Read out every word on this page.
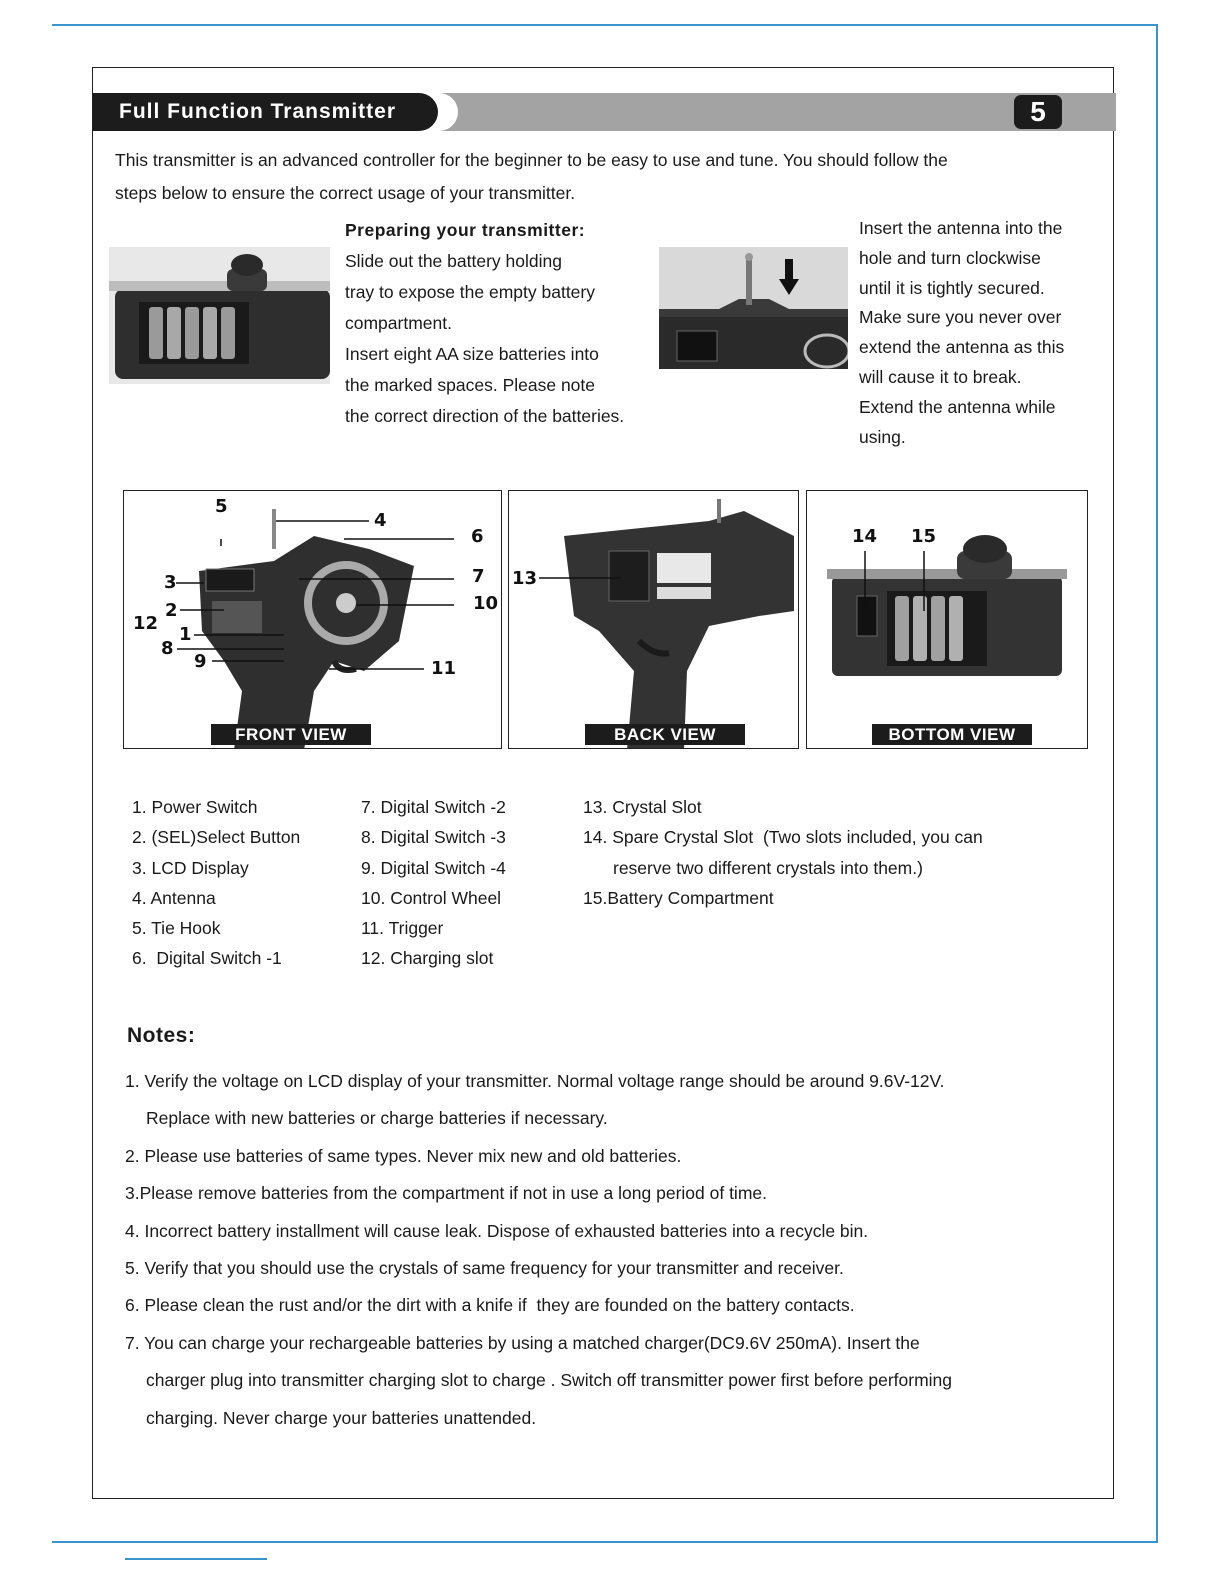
Full Function Transmitter	5
This transmitter is an advanced controller for the beginner to be easy to use and tune. You should follow the
steps below to ensure the correct usage of your transmitter.
Preparing your transmitter:
Slide out the battery holding
tray to expose the empty battery
compartment.
Insert eight AA size batteries into
the marked spaces. Please note
the correct direction of the batteries.
Insert the antenna into the
hole and turn clockwise
until it is tightly secured.
Make sure you never over
extend the antenna as this
will cause it to break.
Extend the antenna while
using.
5
4
6
3	7
10
2
12
1
8
9	11
FRONT VIEW
13
BACK VIEW
14 15
BOTTOM VIEW
1. Power Switch
2. (SEL)Select Button
3. LCD Display
4. Antenna
5. Tie Hook
6.  Digital Switch -1
7. Digital Switch -2
8. Digital Switch -3
9. Digital Switch -4
10. Control Wheel
11. Trigger
12. Charging slot
13. Crystal Slot
14. Spare Crystal Slot  (Two slots included, you can
reserve two different crystals into them.)
15.Battery Compartment
Notes:
1. Verify the voltage on LCD display of your transmitter. Normal voltage range should be around 9.6V-12V.
Replace with new batteries or charge batteries if necessary.
2. Please use batteries of same types. Never mix new and old batteries.
3.Please remove batteries from the compartment if not in use a long period of time.
4. Incorrect battery installment will cause leak. Dispose of exhausted batteries into a recycle bin.
5. Verify that you should use the crystals of same frequency for your transmitter and receiver.
6. Please clean the rust and/or the dirt with a knife if  they are founded on the battery contacts.
7. You can charge your rechargeable batteries by using a matched charger(DC9.6V 250mA). Insert the
charger plug into transmitter charging slot to charge . Switch off transmitter power first before performing
charging. Never charge your batteries unattended.
